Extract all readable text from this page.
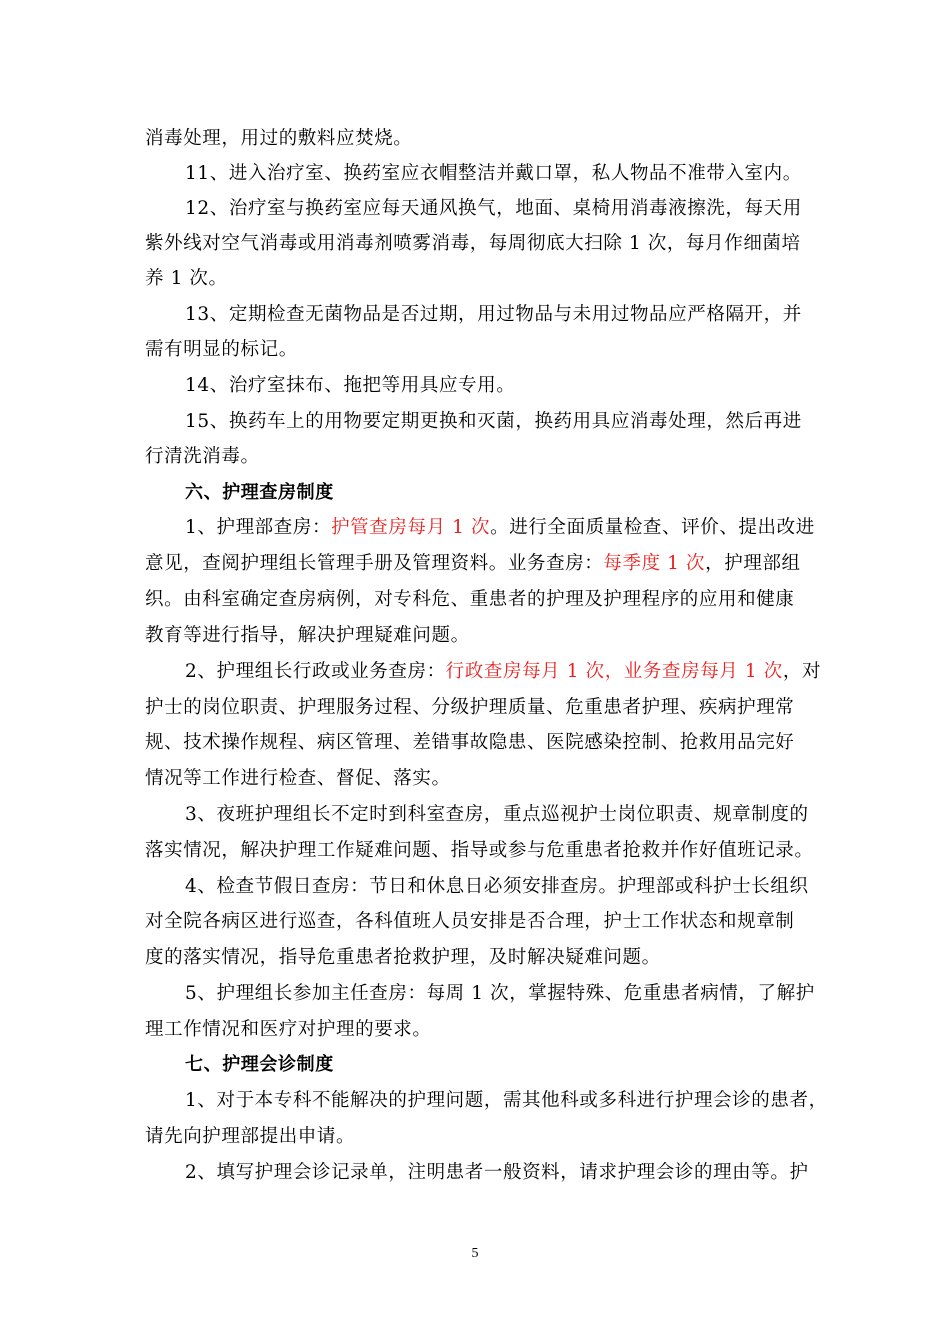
消毒处理，用过的敷料应焚烧。
11、进入治疗室、换药室应衣帽整洁并戴口罩，私人物品不准带入室内。
12、治疗室与换药室应每天通风换气，地面、桌椅用消毒液擦洗，每天用
紫外线对空气消毒或用消毒剂喷雾消毒，每周彻底大扫除 1 次，每月作细菌培
养 1 次。
13、定期检查无菌物品是否过期，用过物品与未用过物品应严格隔开，并
需有明显的标记。
14、治疗室抹布、拖把等用具应专用。
15、换药车上的用物要定期更换和灭菌，换药用具应消毒处理，然后再进
行清洗消毒。
六、护理查房制度
1、护理部查房：护管查房每月 1 次。进行全面质量检查、评价、提出改进
意见，查阅护理组长管理手册及管理资料。业务查房：每季度 1 次，护理部组
织。由科室确定查房病例，对专科危、重患者的护理及护理程序的应用和健康
教育等进行指导，解决护理疑难问题。
2、护理组长行政或业务查房：行政查房每月 1 次，业务查房每月 1 次，对
护士的岗位职责、护理服务过程、分级护理质量、危重患者护理、疾病护理常
规、技术操作规程、病区管理、差错事故隐患、医院感染控制、抢救用品完好
情况等工作进行检查、督促、落实。
3、夜班护理组长不定时到科室查房，重点巡视护士岗位职责、规章制度的
落实情况，解决护理工作疑难问题、指导或参与危重患者抢救并作好值班记录。
4、检查节假日查房：节日和休息日必须安排查房。护理部或科护士长组织
对全院各病区进行巡查，各科值班人员安排是否合理，护士工作状态和规章制
度的落实情况，指导危重患者抢救护理，及时解决疑难问题。
5、护理组长参加主任查房：每周 1 次，掌握特殊、危重患者病情，了解护
理工作情况和医疗对护理的要求。
七、护理会诊制度
1、对于本专科不能解决的护理问题，需其他科或多科进行护理会诊的患者，
请先向护理部提出申请。
2、填写护理会诊记录单，注明患者一般资料，请求护理会诊的理由等。护
5
